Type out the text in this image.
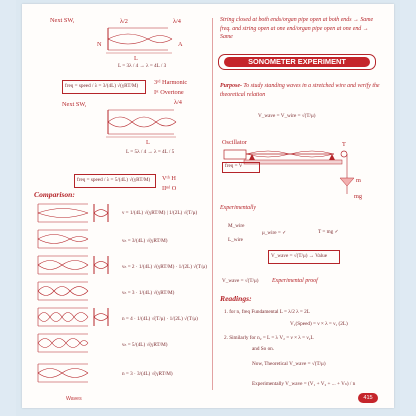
Next SW,	λ/2	λ/4
N	A
L
L = 3λ / 4 → λ = 4L / 3
freq = speed / λ = 3/(4L) √(γRT/M) 3ʳᵈ Harmonic
Iˢᵗ Overtone
Next SW,	λ/4
L
L = 5λ / 4 → λ = 4L / 5
freq = speed / λ = 5/(4L) √(γRT/M) Vᵗʰ H
IIⁿᵈ O
Comparison:
ν = 1/(4L) √(γRT/M) | 1/(2L) √(T/μ)
νₙ = 3/(4L) √(γRT/M)
νₙ = 2 · 1/(4L) √(γRT/M) · 1/(2L) √(T/μ)
νₙ = 3 · 1/(4L) √(γRT/M)
n = 4 · 1/(4L) √(T/μ) · 1/(2L) √(T/μ)
νₙ = 5/(4L) √(γRT/M)
n = 3 · 3/(4L) √(γRT/M)
Waves
String closed at both ends/organ pipe open at both ends → Same freq. and string open at one end/organ pipe open at one end → Same
SONOMETER EXPERIMENT
Purpose- To study standing waves in a stretched wire and verify the theoretical relation
V_wave = V_wire = √(T/μ)
Oscillator
freq = V
T
m
mg
Experimentally
M_wire
L_wire
μ_wire = ✓	T = mg ✓
V_wave = √(T/μ) → Value
V_wave = √(T/μ) Experimental proof
Readings:
1. for n, freq Fundamental L = λ/2 λ = 2L
V₁(Speed) = ν × λ = ν₁ (2L)
2. Similarly for n₂ = L = λ V₂ = ν × λ = ν₂L
and So on.
Now, Theoretical V_wave = √(T/μ)
Experimentally V_wave = (V₁ + V₂ + ... + Vₙ) / n
415
